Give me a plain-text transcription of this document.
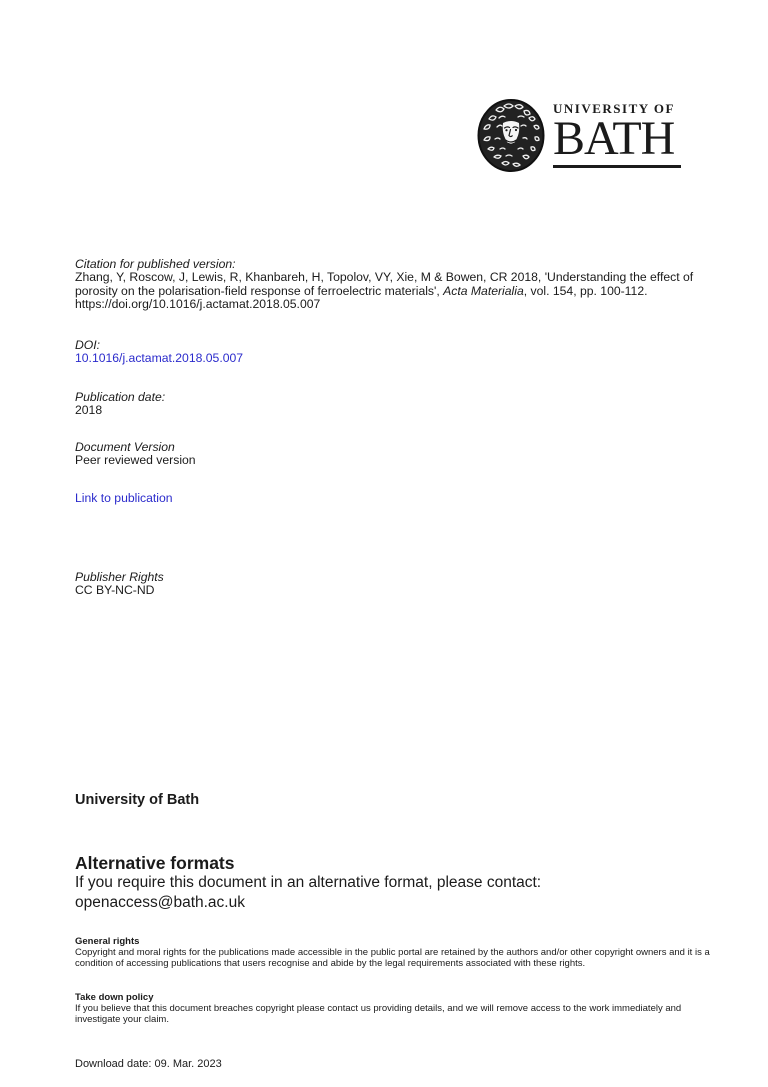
UNIVERSITY OF
BATH
Citation for published version:
Zhang, Y, Roscow, J, Lewis, R, Khanbareh, H, Topolov, VY, Xie, M & Bowen, CR 2018, 'Understanding the effect of porosity on the polarisation-field response of ferroelectric materials', Acta Materialia, vol. 154, pp. 100-112. https://doi.org/10.1016/j.actamat.2018.05.007
DOI:
10.1016/j.actamat.2018.05.007
Publication date:
2018
Document Version
Peer reviewed version
Link to publication
Publisher Rights
CC BY-NC-ND
University of Bath
Alternative formats
If you require this document in an alternative format, please contact:
openaccess@bath.ac.uk
General rights
Copyright and moral rights for the publications made accessible in the public portal are retained by the authors and/or other copyright owners and it is a condition of accessing publications that users recognise and abide by the legal requirements associated with these rights.
Take down policy
If you believe that this document breaches copyright please contact us providing details, and we will remove access to the work immediately and investigate your claim.
Download date: 09. Mar. 2023
